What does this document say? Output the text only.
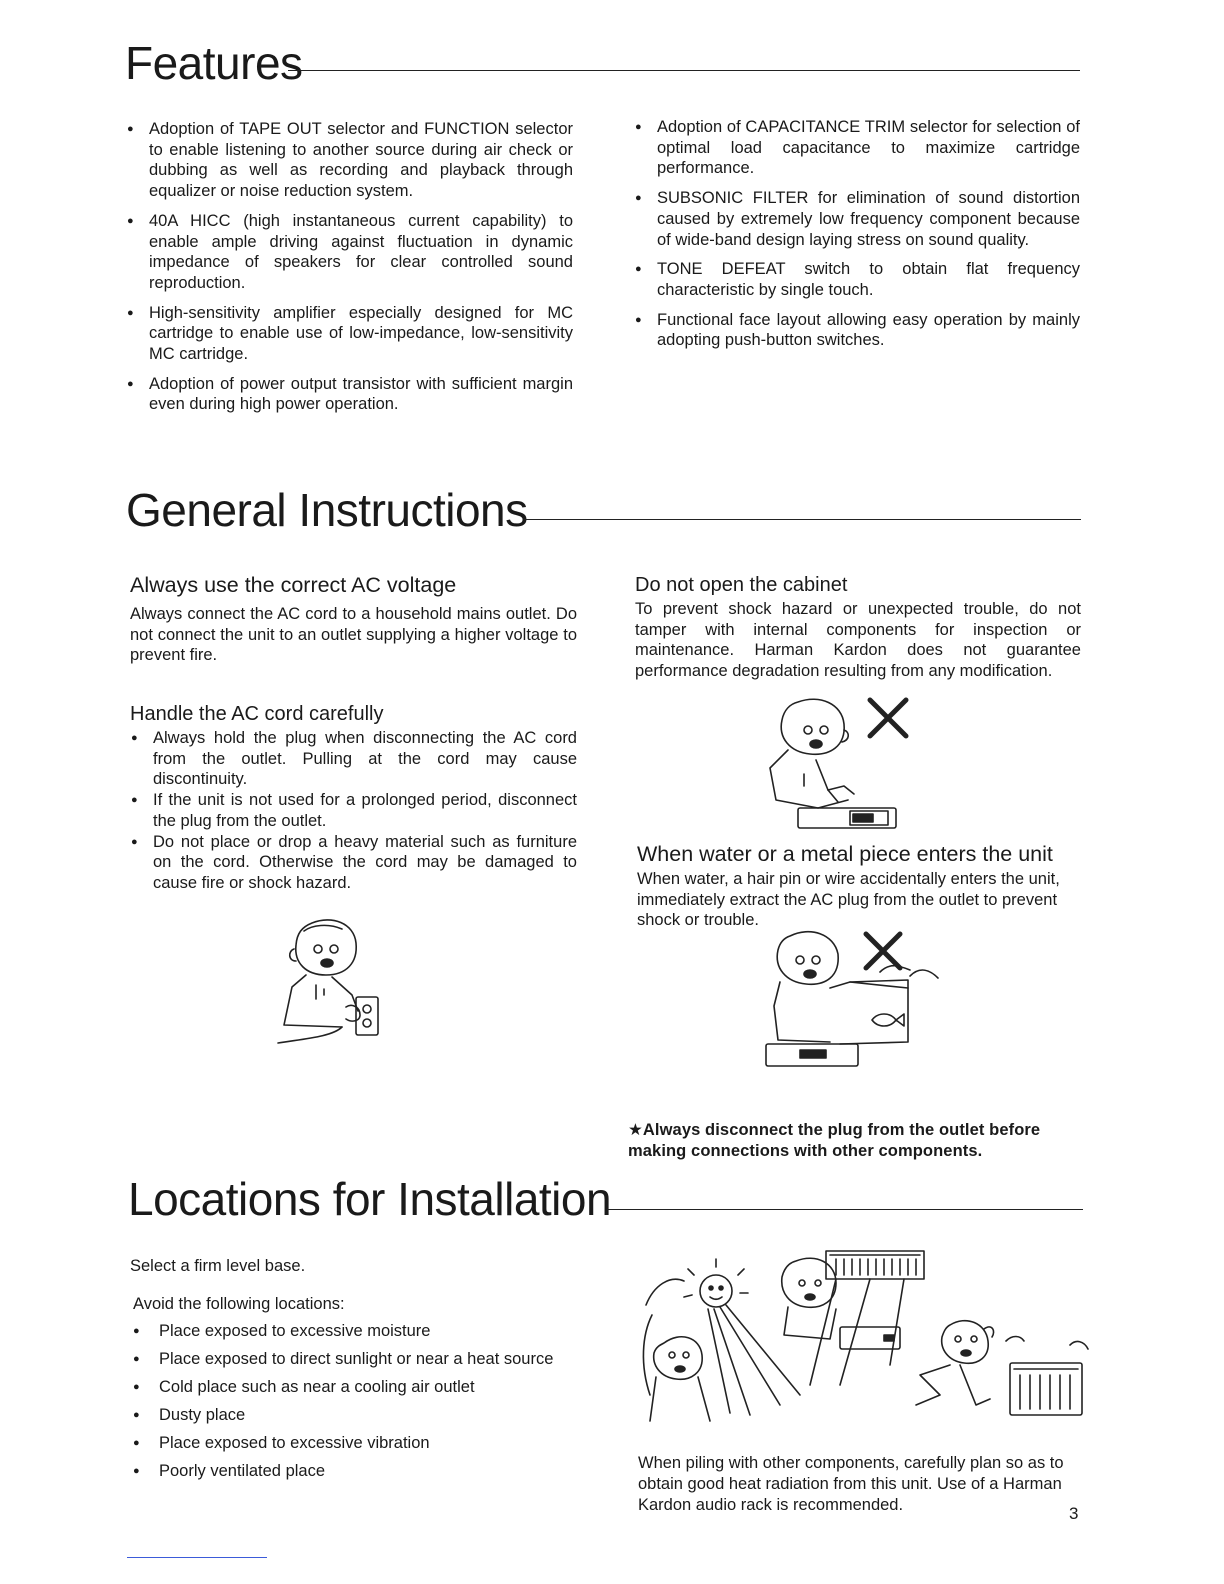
Features
● Adoption of TAPE OUT selector and FUNCTION selector to enable listening to another source during air check or dubbing as well as recording and playback through equalizer or noise reduction system.
● 40A HICC (high instantaneous current capability) to enable ample driving against fluctuation in dynamic impedance of speakers for clear controlled sound reproduction.
● High-sensitivity amplifier especially designed for MC cartridge to enable use of low-impedance, low-sensitivity MC cartridge.
● Adoption of power output transistor with sufficient margin even during high power operation.
● Adoption of CAPACITANCE TRIM selector for selection of optimal load capacitance to maximize cartridge performance.
● SUBSONIC FILTER for elimination of sound distortion caused by extremely low frequency component because of wide-band design laying stress on sound quality.
● TONE DEFEAT switch to obtain flat frequency characteristic by single touch.
● Functional face layout allowing easy operation by mainly adopting push-button switches.
General Instructions
Always use the correct AC voltage

Always connect the AC cord to a household mains outlet. Do not connect the unit to an outlet supplying a higher voltage to prevent fire.

Handle the AC cord carefully
● Always hold the plug when disconnecting the AC cord from the outlet. Pulling at the cord may cause discontinuity.
● If the unit is not used for a prolonged period, disconnect the plug from the outlet.
● Do not place or drop a heavy material such as furniture on the cord. Otherwise the cord may be damaged to cause fire or shock hazard.
Do not open the cabinet

To prevent shock hazard or unexpected trouble, do not tamper with internal components for inspection or maintenance. Harman Kardon does not guarantee performance degradation resulting from any modification.

When water or a metal piece enters the unit

When water, a hair pin or wire accidentally enters the unit, immediately extract the AC plug from the outlet to prevent shock or trouble.

★Always disconnect the plug from the outlet before making connections with other components.
Locations for Installation
Select a firm level base.
Avoid the following locations:
● Place exposed to excessive moisture
● Place exposed to direct sunlight or near a heat source
● Cold place such as near a cooling air outlet
● Dusty place
● Place exposed to excessive vibration
● Poorly ventilated place	When piling with other components, carefully plan so as to obtain good heat radiation from this unit. Use of a Harman Kardon audio rack is recommended.	3
